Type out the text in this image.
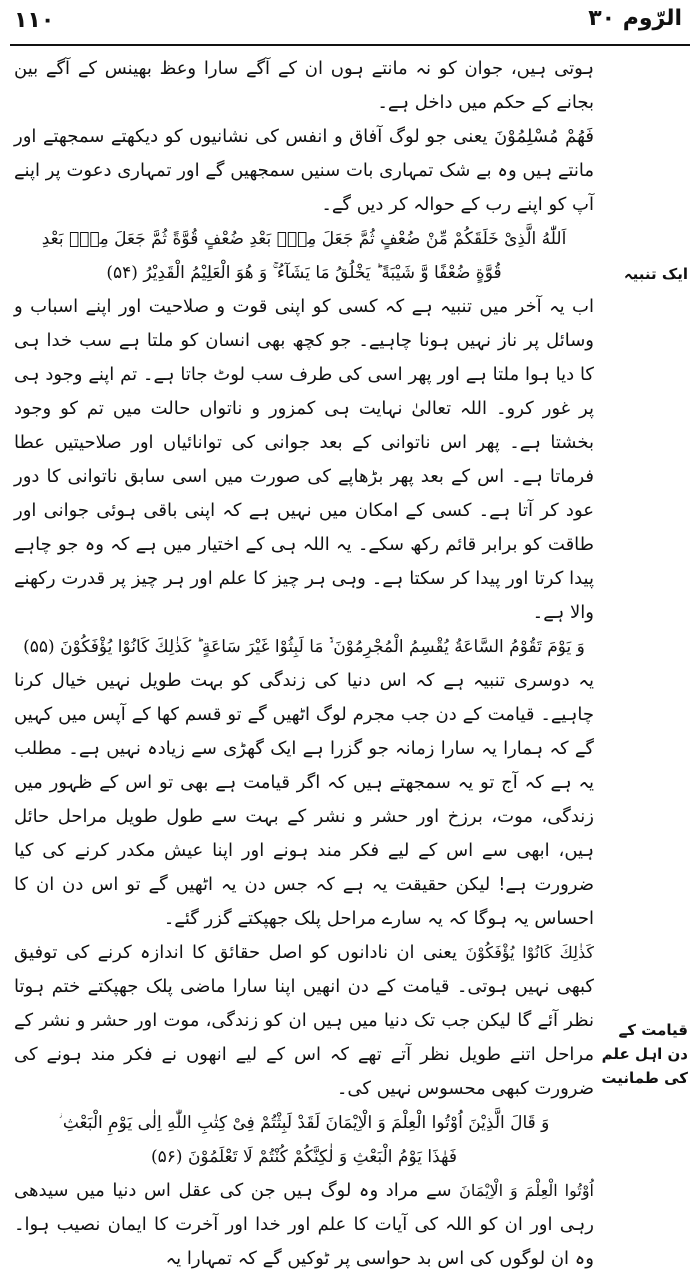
۱۱۰	الرّوم ۳۰
ایک تنبیہ
قیامت کے دن اہل علم کی طمانیت

ہوتی ہیں، جوان کو نہ مانتے ہوں ان کے آگے سارا وعظ بھینس کے آگے بین بجانے کے حکم میں داخل ہے۔

فَهُمْ مُسْلِمُوْنَ یعنی جو لوگ آفاق و انفس کی نشانیوں کو دیکھتے سمجھتے اور مانتے ہیں وہ بے شک تمہاری بات سنیں سمجھیں گے اور تمہاری دعوت پر اپنے آپ کو اپنے رب کے حوالہ کر دیں گے۔

اَللّٰهُ الَّذِیْ خَلَقَكُمْ مِّنْ ضُعْفٍ ثُمَّ جَعَلَ مِنْۢ بَعْدِ ضُعْفٍ قُوَّةً ثُمَّ جَعَلَ مِنْۢ بَعْدِ
قُوَّةٍ ضُعْفًا وَّ شَیْبَةً ؕ یَخْلُقُ مَا یَشَآءُ ۚ وَ هُوَ الْعَلِیْمُ الْقَدِیْرُ (۵۴)

اب یہ آخر میں تنبیہ ہے کہ کسی کو اپنی قوت و صلاحیت اور اپنے اسباب و وسائل پر ناز نہیں ہونا چاہیے۔ جو کچھ بھی انسان کو ملتا ہے سب خدا ہی کا دیا ہوا ملتا ہے اور پھر اسی کی طرف سب لوٹ جاتا ہے۔ تم اپنے وجود ہی پر غور کرو۔ اللہ تعالیٰ نہایت ہی کمزور و ناتواں حالت میں تم کو وجود بخشتا ہے۔ پھر اس ناتوانی کے بعد جوانی کی توانائیاں اور صلاحیتیں عطا فرماتا ہے۔ اس کے بعد پھر بڑھاپے کی صورت میں اسی سابق ناتوانی کا دور عود کر آتا ہے۔ کسی کے امکان میں نہیں ہے کہ اپنی باقی ہوئی جوانی اور طاقت کو برابر قائم رکھ سکے۔ یہ اللہ ہی کے اختیار میں ہے کہ وہ جو چاہے پیدا کرتا اور پیدا کر سکتا ہے۔ وہی ہر چیز کا علم اور ہر چیز پر قدرت رکھنے والا ہے۔

وَ یَوْمَ تَقُوْمُ السَّاعَةُ یُقْسِمُ الْمُجْرِمُوْنَ ۙ۬ مَا لَبِثُوْا غَیْرَ سَاعَةٍ ؕ كَذٰلِكَ كَانُوْا یُؤْفَكُوْنَ (۵۵)

یہ دوسری تنبیہ ہے کہ اس دنیا کی زندگی کو بہت طویل نہیں خیال کرنا چاہیے۔ قیامت کے دن جب مجرم لوگ اٹھیں گے تو قسم کھا کے آپس میں کہیں گے کہ ہمارا یہ سارا زمانہ جو گزرا ہے ایک گھڑی سے زیادہ نہیں ہے۔ مطلب یہ ہے کہ آج تو یہ سمجھتے ہیں کہ اگر قیامت ہے بھی تو اس کے ظہور میں زندگی، موت، برزخ اور حشر و نشر کے بہت سے طول طویل مراحل حائل ہیں، ابھی سے اس کے لیے فکر مند ہونے اور اپنا عیش مکدر کرنے کی کیا ضرورت ہے! لیکن حقیقت یہ ہے کہ جس دن یہ اٹھیں گے تو اس دن ان کا احساس یہ ہوگا کہ یہ سارے مراحل پلک جھپکتے گزر گئے۔

كَذٰلِكَ كَانُوْا یُؤْفَكُوْنَ یعنی ان نادانوں کو اصل حقائق کا اندازہ کرنے کی توفیق کبھی نہیں ہوتی۔ قیامت کے دن انھیں اپنا سارا ماضی پلک جھپکتے ختم ہوتا نظر آئے گا لیکن جب تک دنیا میں ہیں ان کو زندگی، موت اور حشر و نشر کے مراحل اتنے طویل نظر آتے تھے کہ اس کے لیے انھوں نے فکر مند ہونے کی ضرورت کبھی محسوس نہیں کی۔

وَ قَالَ الَّذِیْنَ اُوْتُوا الْعِلْمَ وَ الْاِیْمَانَ لَقَدْ لَبِثْتُمْ فِیْ كِتٰبِ اللّٰهِ اِلٰی یَوْمِ الْبَعْثِ ؗ
فَهٰذَا یَوْمُ الْبَعْثِ وَ لٰكِنَّكُمْ كُنْتُمْ لَا تَعْلَمُوْنَ (۵۶)

اُوْتُوا الْعِلْمَ وَ الْاِیْمَانَ سے مراد وہ لوگ ہیں جن کی عقل اس دنیا میں سیدھی رہی اور ان کو اللہ کی آیات کا علم اور خدا اور آخرت کا ایمان نصیب ہوا۔ وہ ان لوگوں کی اس بد حواسی پر ٹوکیں گے کہ تمہارا یہ
